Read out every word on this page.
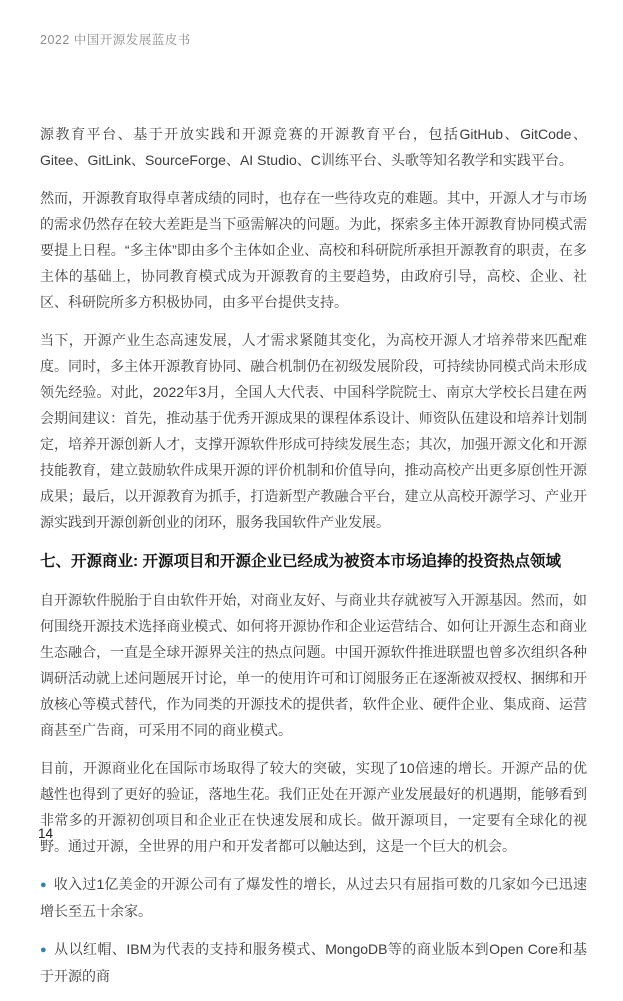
2022 中国开源发展蓝皮书

源教育平台、基于开放实践和开源竞赛的开源教育平台，包括GitHub、GitCode、Gitee、GitLink、SourceForge、AI Studio、C训练平台、头歌等知名教学和实践平台。

然而，开源教育取得卓著成绩的同时，也存在一些待攻克的难题。其中，开源人才与市场的需求仍然存在较大差距是当下亟需解决的问题。为此，探索多主体开源教育协同模式需要提上日程。“多主体”即由多个主体如企业、高校和科研院所承担开源教育的职责，在多主体的基础上，协同教育模式成为开源教育的主要趋势，由政府引导，高校、企业、社区、科研院所多方积极协同，由多平台提供支持。

当下，开源产业生态高速发展，人才需求紧随其变化，为高校开源人才培养带来匹配难度。同时，多主体开源教育协同、融合机制仍在初级发展阶段，可持续协同模式尚未形成领先经验。对此，2022年3月，全国人大代表、中国科学院院士、南京大学校长吕建在两会期间建议：首先，推动基于优秀开源成果的课程体系设计、师资队伍建设和培养计划制定，培养开源创新人才，支撑开源软件形成可持续发展生态；其次，加强开源文化和开源技能教育，建立鼓励软件成果开源的评价机制和价值导向，推动高校产出更多原创性开源成果；最后，以开源教育为抓手，打造新型产教融合平台，建立从高校开源学习、产业开源实践到开源创新创业的闭环，服务我国软件产业发展。

七、开源商业: 开源项目和开源企业已经成为被资本市场追捧的投资热点领域

自开源软件脱胎于自由软件开始，对商业友好、与商业共存就被写入开源基因。然而，如何围绕开源技术选择商业模式、如何将开源协作和企业运营结合、如何让开源生态和商业生态融合，一直是全球开源界关注的热点问题。中国开源软件推进联盟也曾多次组织各种调研活动就上述问题展开讨论，单一的使用许可和订阅服务正在逐渐被双授权、捆绑和开放核心等模式替代，作为同类的开源技术的提供者，软件企业、硬件企业、集成商、运营商甚至广告商，可采用不同的商业模式。

目前，开源商业化在国际市场取得了较大的突破，实现了10倍速的增长。开源产品的优越性也得到了更好的验证，落地生花。我们正处在开源产业发展最好的机遇期，能够看到非常多的开源初创项目和企业正在快速发展和成长。做开源项目，一定要有全球化的视野。通过开源，全世界的用户和开发者都可以触达到，这是一个巨大的机会。

● 收入过1亿美金的开源公司有了爆发性的增长，从过去只有屈指可数的几家如今已迅速增长至五十余家。

● 从以红帽、IBM为代表的支持和服务模式、MongoDB等的商业版本到Open Core和基于开源的商

14
